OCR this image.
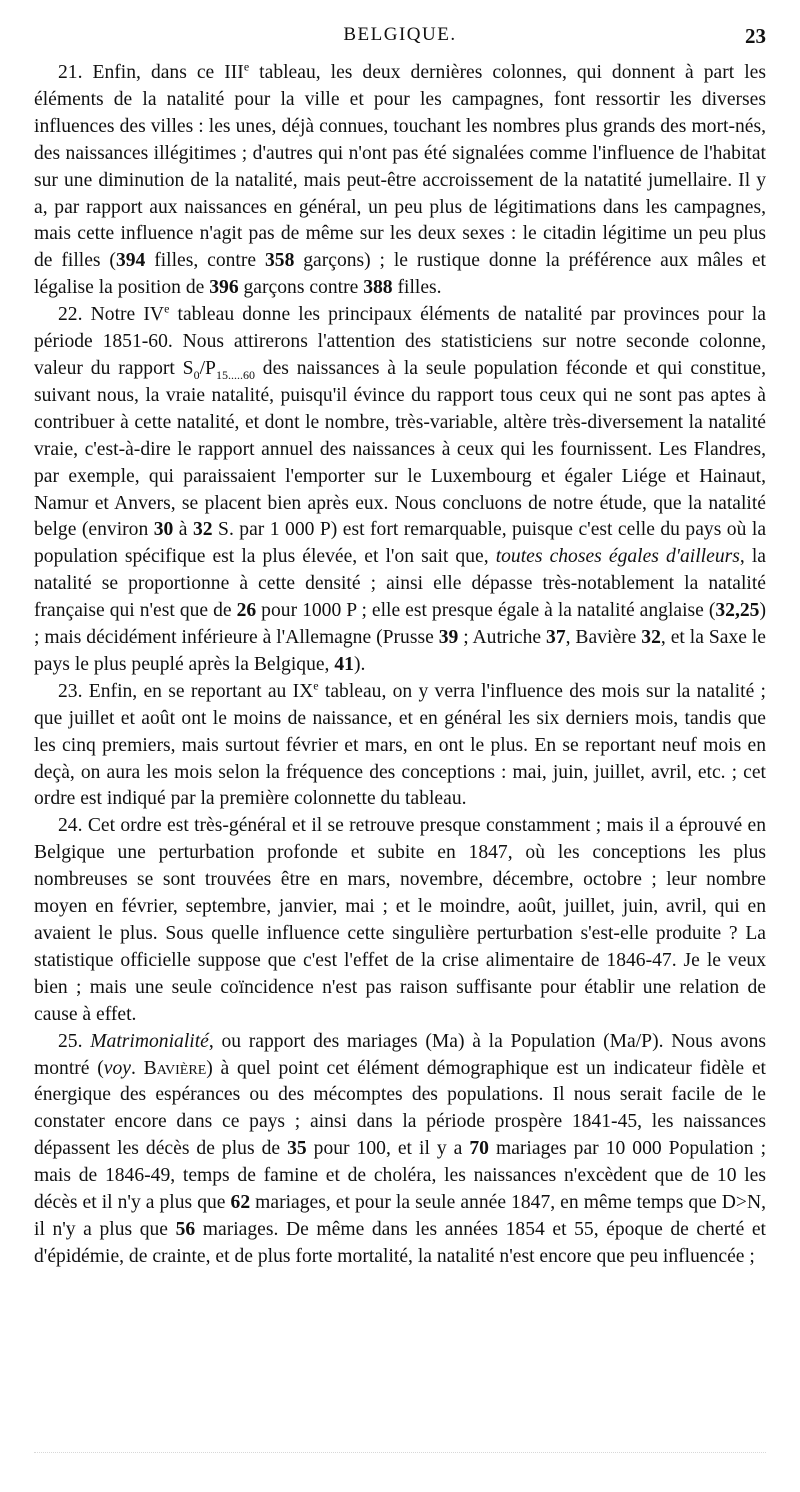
BELGIQUE.	23

21. Enfin, dans ce IIIe tableau, les deux dernières colonnes, qui donnent à part les éléments de la natalité pour la ville et pour les campagnes, font ressortir les diverses influences des villes : les unes, déjà connues, touchant les nombres plus grands des mort-nés, des naissances illégitimes ; d'autres qui n'ont pas été signalées comme l'influence de l'habitat sur une diminution de la natalité, mais peut-être accroissement de la natatité jumellaire. Il y a, par rapport aux naissances en général, un peu plus de légitimations dans les campagnes, mais cette influence n'agit pas de même sur les deux sexes : le citadin légitime un peu plus de filles (394 filles, contre 358 garçons) ; le rustique donne la préférence aux mâles et légalise la position de 396 garçons contre 388 filles.

22. Notre IVe tableau donne les principaux éléments de natalité par provinces pour la période 1851-60. Nous attirerons l'attention des statisticiens sur notre seconde colonne, valeur du rapport $S_0/P_{15.....60}$ des naissances à la seule population féconde et qui constitue, suivant nous, la vraie natalité, puisqu'il évince du rapport tous ceux qui ne sont pas aptes à contribuer à cette natalité, et dont le nombre, très-variable, altère très-diversement la natalité vraie, c'est-à-dire le rapport annuel des naissances à ceux qui les fournissent. Les Flandres, par exemple, qui paraissaient l'emporter sur le Luxembourg et égaler Liége et Hainaut, Namur et Anvers, se placent bien après eux. Nous concluons de notre étude, que la natalité belge (environ 30 à 32 S. par 1 000 P) est fort remarquable, puisque c'est celle du pays où la population spécifique est la plus élevée, et l'on sait que, toutes choses égales d'ailleurs, la natalité se proportionne à cette densité ; ainsi elle dépasse très-notablement la natalité française qui n'est que de 26 pour 1000 P ; elle est presque égale à la natalité anglaise (32,25) ; mais décidément inférieure à l'Allemagne (Prusse 39 ; Autriche 37, Bavière 32, et la Saxe le pays le plus peuplé après la Belgique, 41).

23. Enfin, en se reportant au IXe tableau, on y verra l'influence des mois sur la natalité ; que juillet et août ont le moins de naissance, et en général les six derniers mois, tandis que les cinq premiers, mais surtout février et mars, en ont le plus. En se reportant neuf mois en deçà, on aura les mois selon la fréquence des conceptions : mai, juin, juillet, avril, etc. ; cet ordre est indiqué par la première colonnette du tableau.

24. Cet ordre est très-général et il se retrouve presque constamment ; mais il a éprouvé en Belgique une perturbation profonde et subite en 1847, où les conceptions les plus nombreuses se sont trouvées être en mars, novembre, décembre, octobre ; leur nombre moyen en février, septembre, janvier, mai ; et le moindre, août, juillet, juin, avril, qui en avaient le plus. Sous quelle influence cette singulière perturbation s'est-elle produite ? La statistique officielle suppose que c'est l'effet de la crise alimentaire de 1846-47. Je le veux bien ; mais une seule coïncidence n'est pas raison suffisante pour établir une relation de cause à effet.

25. Matrimonialité, ou rapport des mariages (Ma) à la Population (Ma/P). Nous avons montré (voy. Bavière) à quel point cet élément démographique est un indicateur fidèle et énergique des espérances ou des mécomptes des populations. Il nous serait facile de le constater encore dans ce pays ; ainsi dans la période prospère 1841-45, les naissances dépassent les décès de plus de 35 pour 100, et il y a 70 mariages par 10 000 Population ; mais de 1846-49, temps de famine et de choléra, les naissances n'excèdent que de 10 les décès et il n'y a plus que 62 mariages, et pour la seule année 1847, en même temps que D>N, il n'y a plus que 56 mariages. De même dans les années 1854 et 55, époque de cherté et d'épidémie, de crainte, et de plus forte mortalité, la natalité n'est encore que peu influencée ;
